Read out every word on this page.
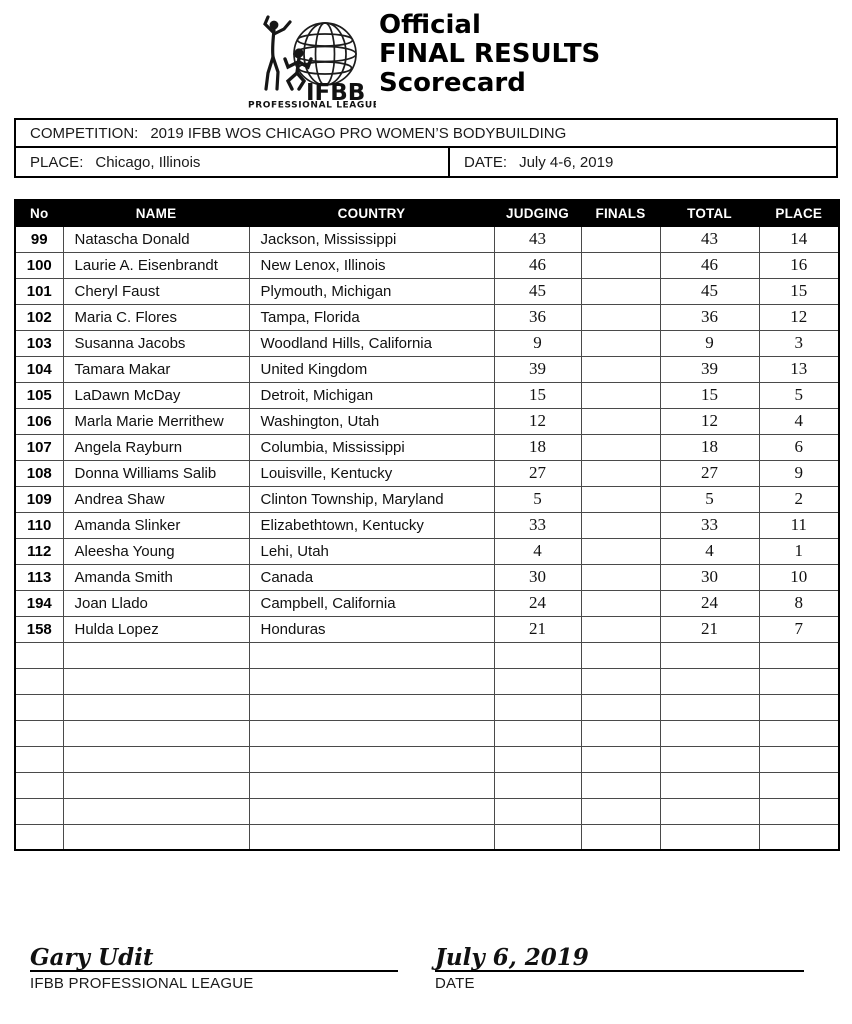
IFBB
PROFESSIONAL LEAGUE
Official
FINAL RESULTS
Scorecard
COMPETITION: 2019 IFBB WOS CHICAGO PRO WOMEN’S BODYBUILDING
PLACE: Chicago, Illinois	DATE: July 4-6, 2019
No	NAME	COUNTRY	JUDGING	FINALS	TOTAL	PLACE
99	Natascha Donald	Jackson, Mississippi	43		43	14
100	Laurie A. Eisenbrandt	New Lenox, Illinois	46		46	16
101	Cheryl Faust	Plymouth, Michigan	45		45	15
102	Maria C. Flores	Tampa, Florida	36		36	12
103	Susanna Jacobs	Woodland Hills, California	9		9	3
104	Tamara Makar	United Kingdom	39		39	13
105	LaDawn McDay	Detroit, Michigan	15		15	5
106	Marla Marie Merrithew	Washington, Utah	12		12	4
107	Angela Rayburn	Columbia, Mississippi	18		18	6
108	Donna Williams Salib	Louisville, Kentucky	27		27	9
109	Andrea Shaw	Clinton Township, Maryland	5		5	2
110	Amanda Slinker	Elizabethtown, Kentucky	33		33	11
112	Aleesha Young	Lehi, Utah	4		4	1
113	Amanda Smith	Canada	30		30	10
194	Joan Llado	Campbell, California	24		24	8
158	Hulda Lopez	Honduras	21		21	7

Gary Udit
IFBB PROFESSIONAL LEAGUE
July 6, 2019
DATE
